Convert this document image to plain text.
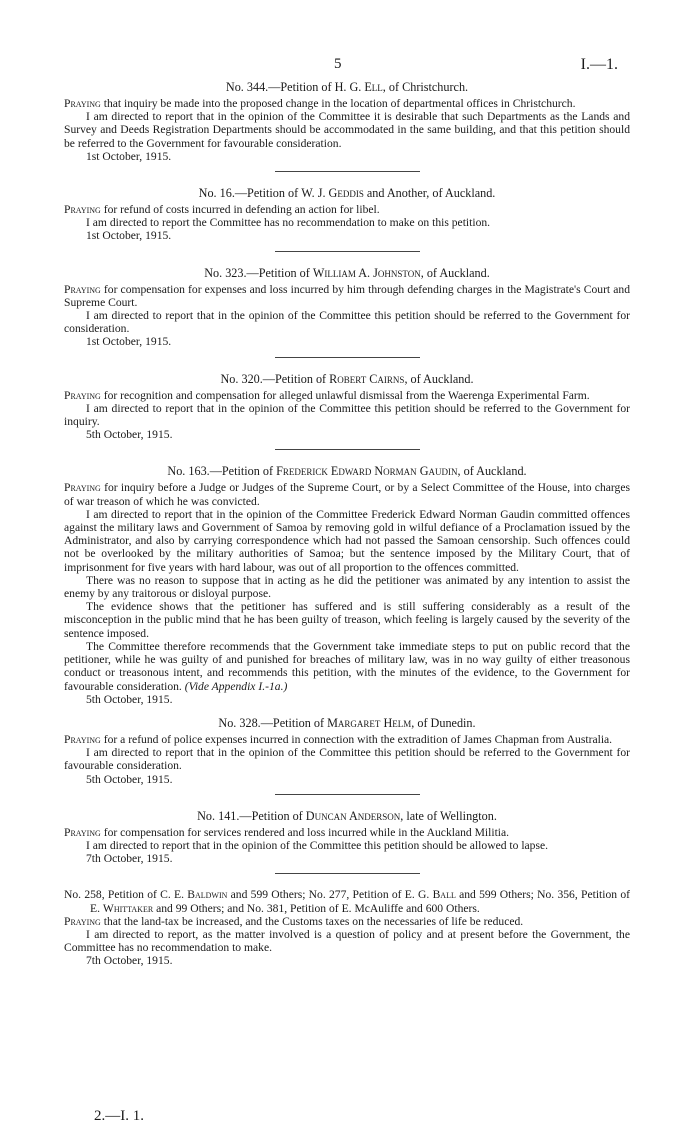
5	I.—1.
No. 344.—Petition of H. G. Ell, of Christchurch.

Praying that inquiry be made into the proposed change in the location of departmental offices in Christchurch.

I am directed to report that in the opinion of the Committee it is desirable that such Departments as the Lands and Survey and Deeds Registration Departments should be accommodated in the same building, and that this petition should be referred to the Government for favourable consideration.

1st October, 1915.

No. 16.—Petition of W. J. Geddis and Another, of Auckland.

Praying for refund of costs incurred in defending an action for libel.

I am directed to report the Committee has no recommendation to make on this petition.

1st October, 1915.

No. 323.—Petition of William A. Johnston, of Auckland.

Praying for compensation for expenses and loss incurred by him through defending charges in the Magistrate's Court and Supreme Court.

I am directed to report that in the opinion of the Committee this petition should be referred to the Government for consideration.

1st October, 1915.

No. 320.—Petition of Robert Cairns, of Auckland.

Praying for recognition and compensation for alleged unlawful dismissal from the Waerenga Experimental Farm.

I am directed to report that in the opinion of the Committee this petition should be referred to the Government for inquiry.

5th October, 1915.

No. 163.—Petition of Frederick Edward Norman Gaudin, of Auckland.

Praying for inquiry before a Judge or Judges of the Supreme Court, or by a Select Committee of the House, into charges of war treason of which he was convicted.

I am directed to report that in the opinion of the Committee Frederick Edward Norman Gaudin committed offences against the military laws and Government of Samoa by removing gold in wilful defiance of a Proclamation issued by the Administrator, and also by carrying correspondence which had not passed the Samoan censorship. Such offences could not be overlooked by the military authorities of Samoa; but the sentence imposed by the Military Court, that of imprisonment for five years with hard labour, was out of all proportion to the offences committed.

There was no reason to suppose that in acting as he did the petitioner was animated by any intention to assist the enemy by any traitorous or disloyal purpose.

The evidence shows that the petitioner has suffered and is still suffering considerably as a result of the misconception in the public mind that he has been guilty of treason, which feeling is largely caused by the severity of the sentence imposed.

The Committee therefore recommends that the Government take immediate steps to put on public record that the petitioner, while he was guilty of and punished for breaches of military law, was in no way guilty of either treasonous conduct or treasonous intent, and recommends this petition, with the minutes of the evidence, to the Government for favourable consideration. (Vide Appendix I.-1a.)

5th October, 1915.

No. 328.—Petition of Margaret Helm, of Dunedin.

Praying for a refund of police expenses incurred in connection with the extradition of James Chapman from Australia.

I am directed to report that in the opinion of the Committee this petition should be referred to the Government for favourable consideration.

5th October, 1915.

No. 141.—Petition of Duncan Anderson, late of Wellington.

Praying for compensation for services rendered and loss incurred while in the Auckland Militia.

I am directed to report that in the opinion of the Committee this petition should be allowed to lapse.

7th October, 1915.

No. 258, Petition of C. E. Baldwin and 599 Others; No. 277, Petition of E. G. Ball and 599 Others; No. 356, Petition of E. Whittaker and 99 Others; and No. 381, Petition of E. McAuliffe and 600 Others.

Praying that the land-tax be increased, and the Customs taxes on the necessaries of life be reduced.

I am directed to report, as the matter involved is a question of policy and at present before the Government, the Committee has no recommendation to make.

7th October, 1915.

2.—I. 1.
